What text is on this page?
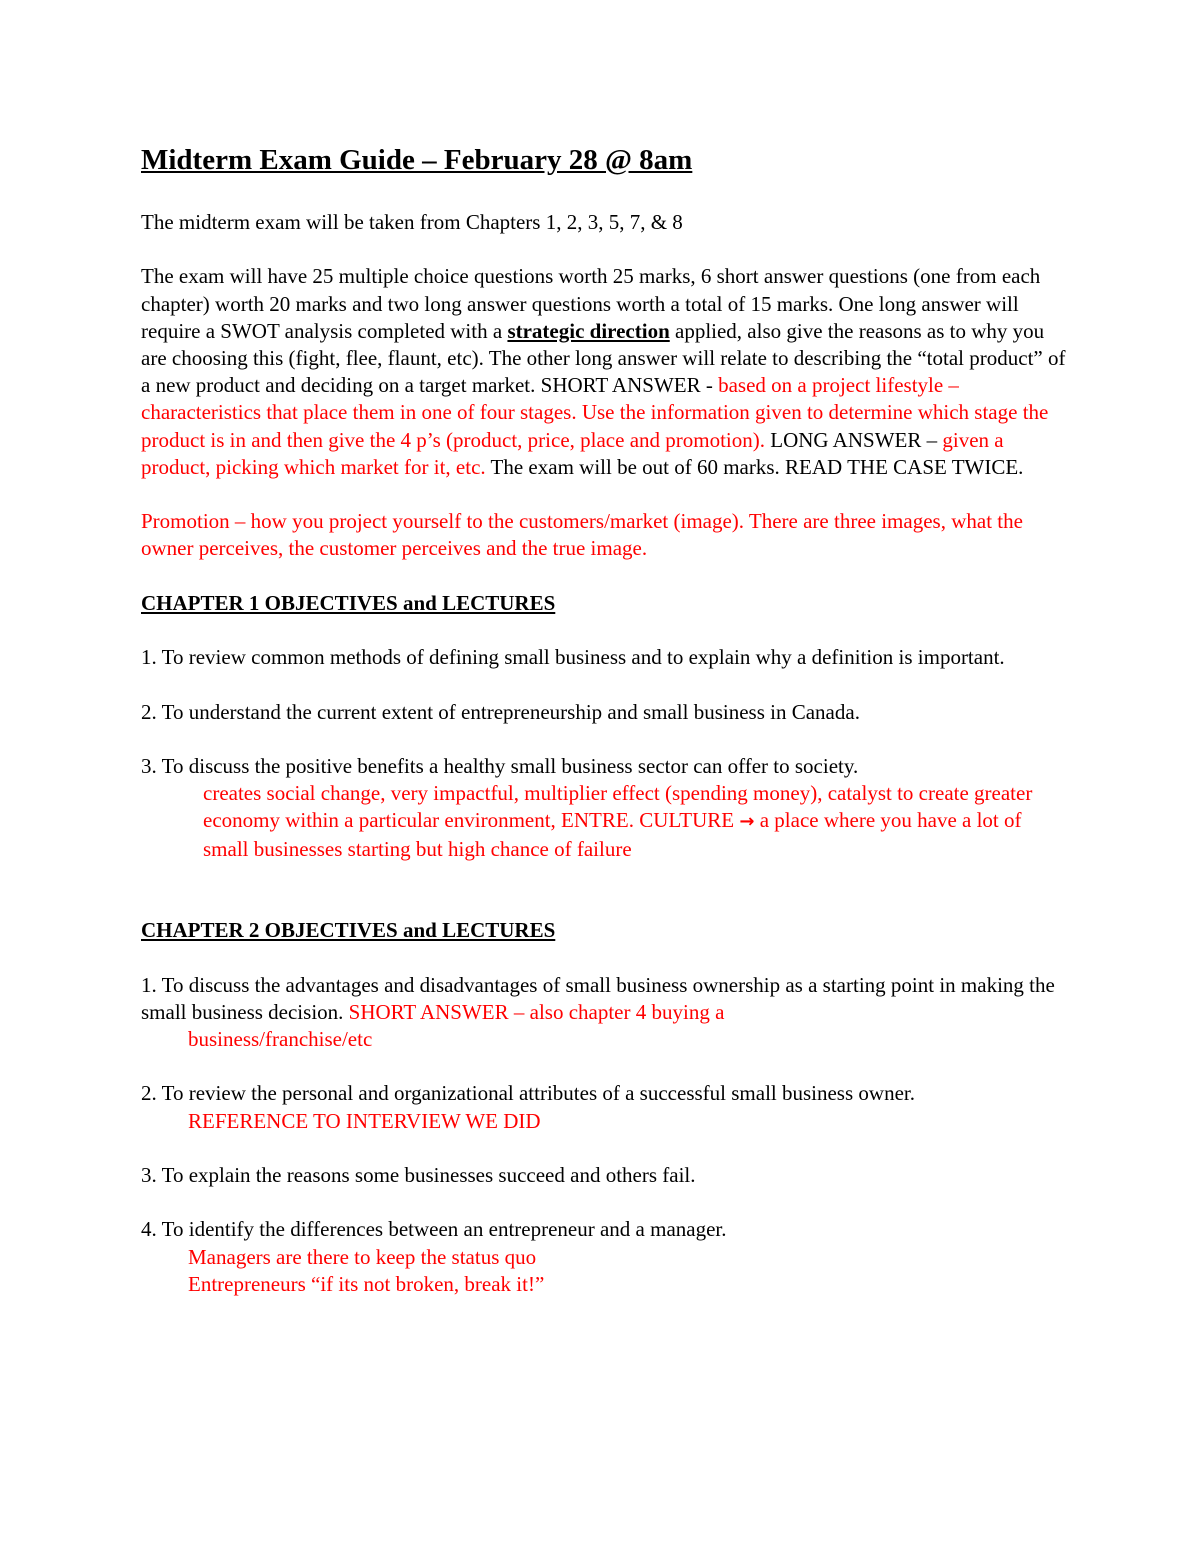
Midterm Exam Guide – February 28 @ 8am

The midterm exam will be taken from Chapters 1, 2, 3, 5, 7, & 8

The exam will have 25 multiple choice questions worth 25 marks, 6 short answer questions (one from each chapter) worth 20 marks and two long answer questions worth a total of 15 marks. One long answer will require a SWOT analysis completed with a strategic direction applied, also give the reasons as to why you are choosing this (fight, flee, flaunt, etc). The other long answer will relate to describing the “total product” of a new product and deciding on a target market. SHORT ANSWER - based on a project lifestyle – characteristics that place them in one of four stages. Use the information given to determine which stage the product is in and then give the 4 p’s (product, price, place and promotion). LONG ANSWER – given a product, picking which market for it, etc. The exam will be out of 60 marks. READ THE CASE TWICE.

Promotion – how you project yourself to the customers/market (image). There are three images, what the owner perceives, the customer perceives and the true image.

CHAPTER 1 OBJECTIVES and LECTURES

1. To review common methods of defining small business and to explain why a definition is important.

2. To understand the current extent of entrepreneurship and small business in Canada.

3. To discuss the positive benefits a healthy small business sector can offer to society.
creates social change, very impactful, multiplier effect (spending money), catalyst to create greater economy within a particular environment, ENTRE. CULTURE → a place where you have a lot of small businesses starting but high chance of failure

CHAPTER 2 OBJECTIVES and LECTURES

1. To discuss the advantages and disadvantages of small business ownership as a starting point in making the small business decision. SHORT ANSWER – also chapter 4 buying a
business/franchise/etc

2. To review the personal and organizational attributes of a successful small business owner.
REFERENCE TO INTERVIEW WE DID

3. To explain the reasons some businesses succeed and others fail.

4. To identify the differences between an entrepreneur and a manager.
Managers are there to keep the status quo
Entrepreneurs “if its not broken, break it!”
